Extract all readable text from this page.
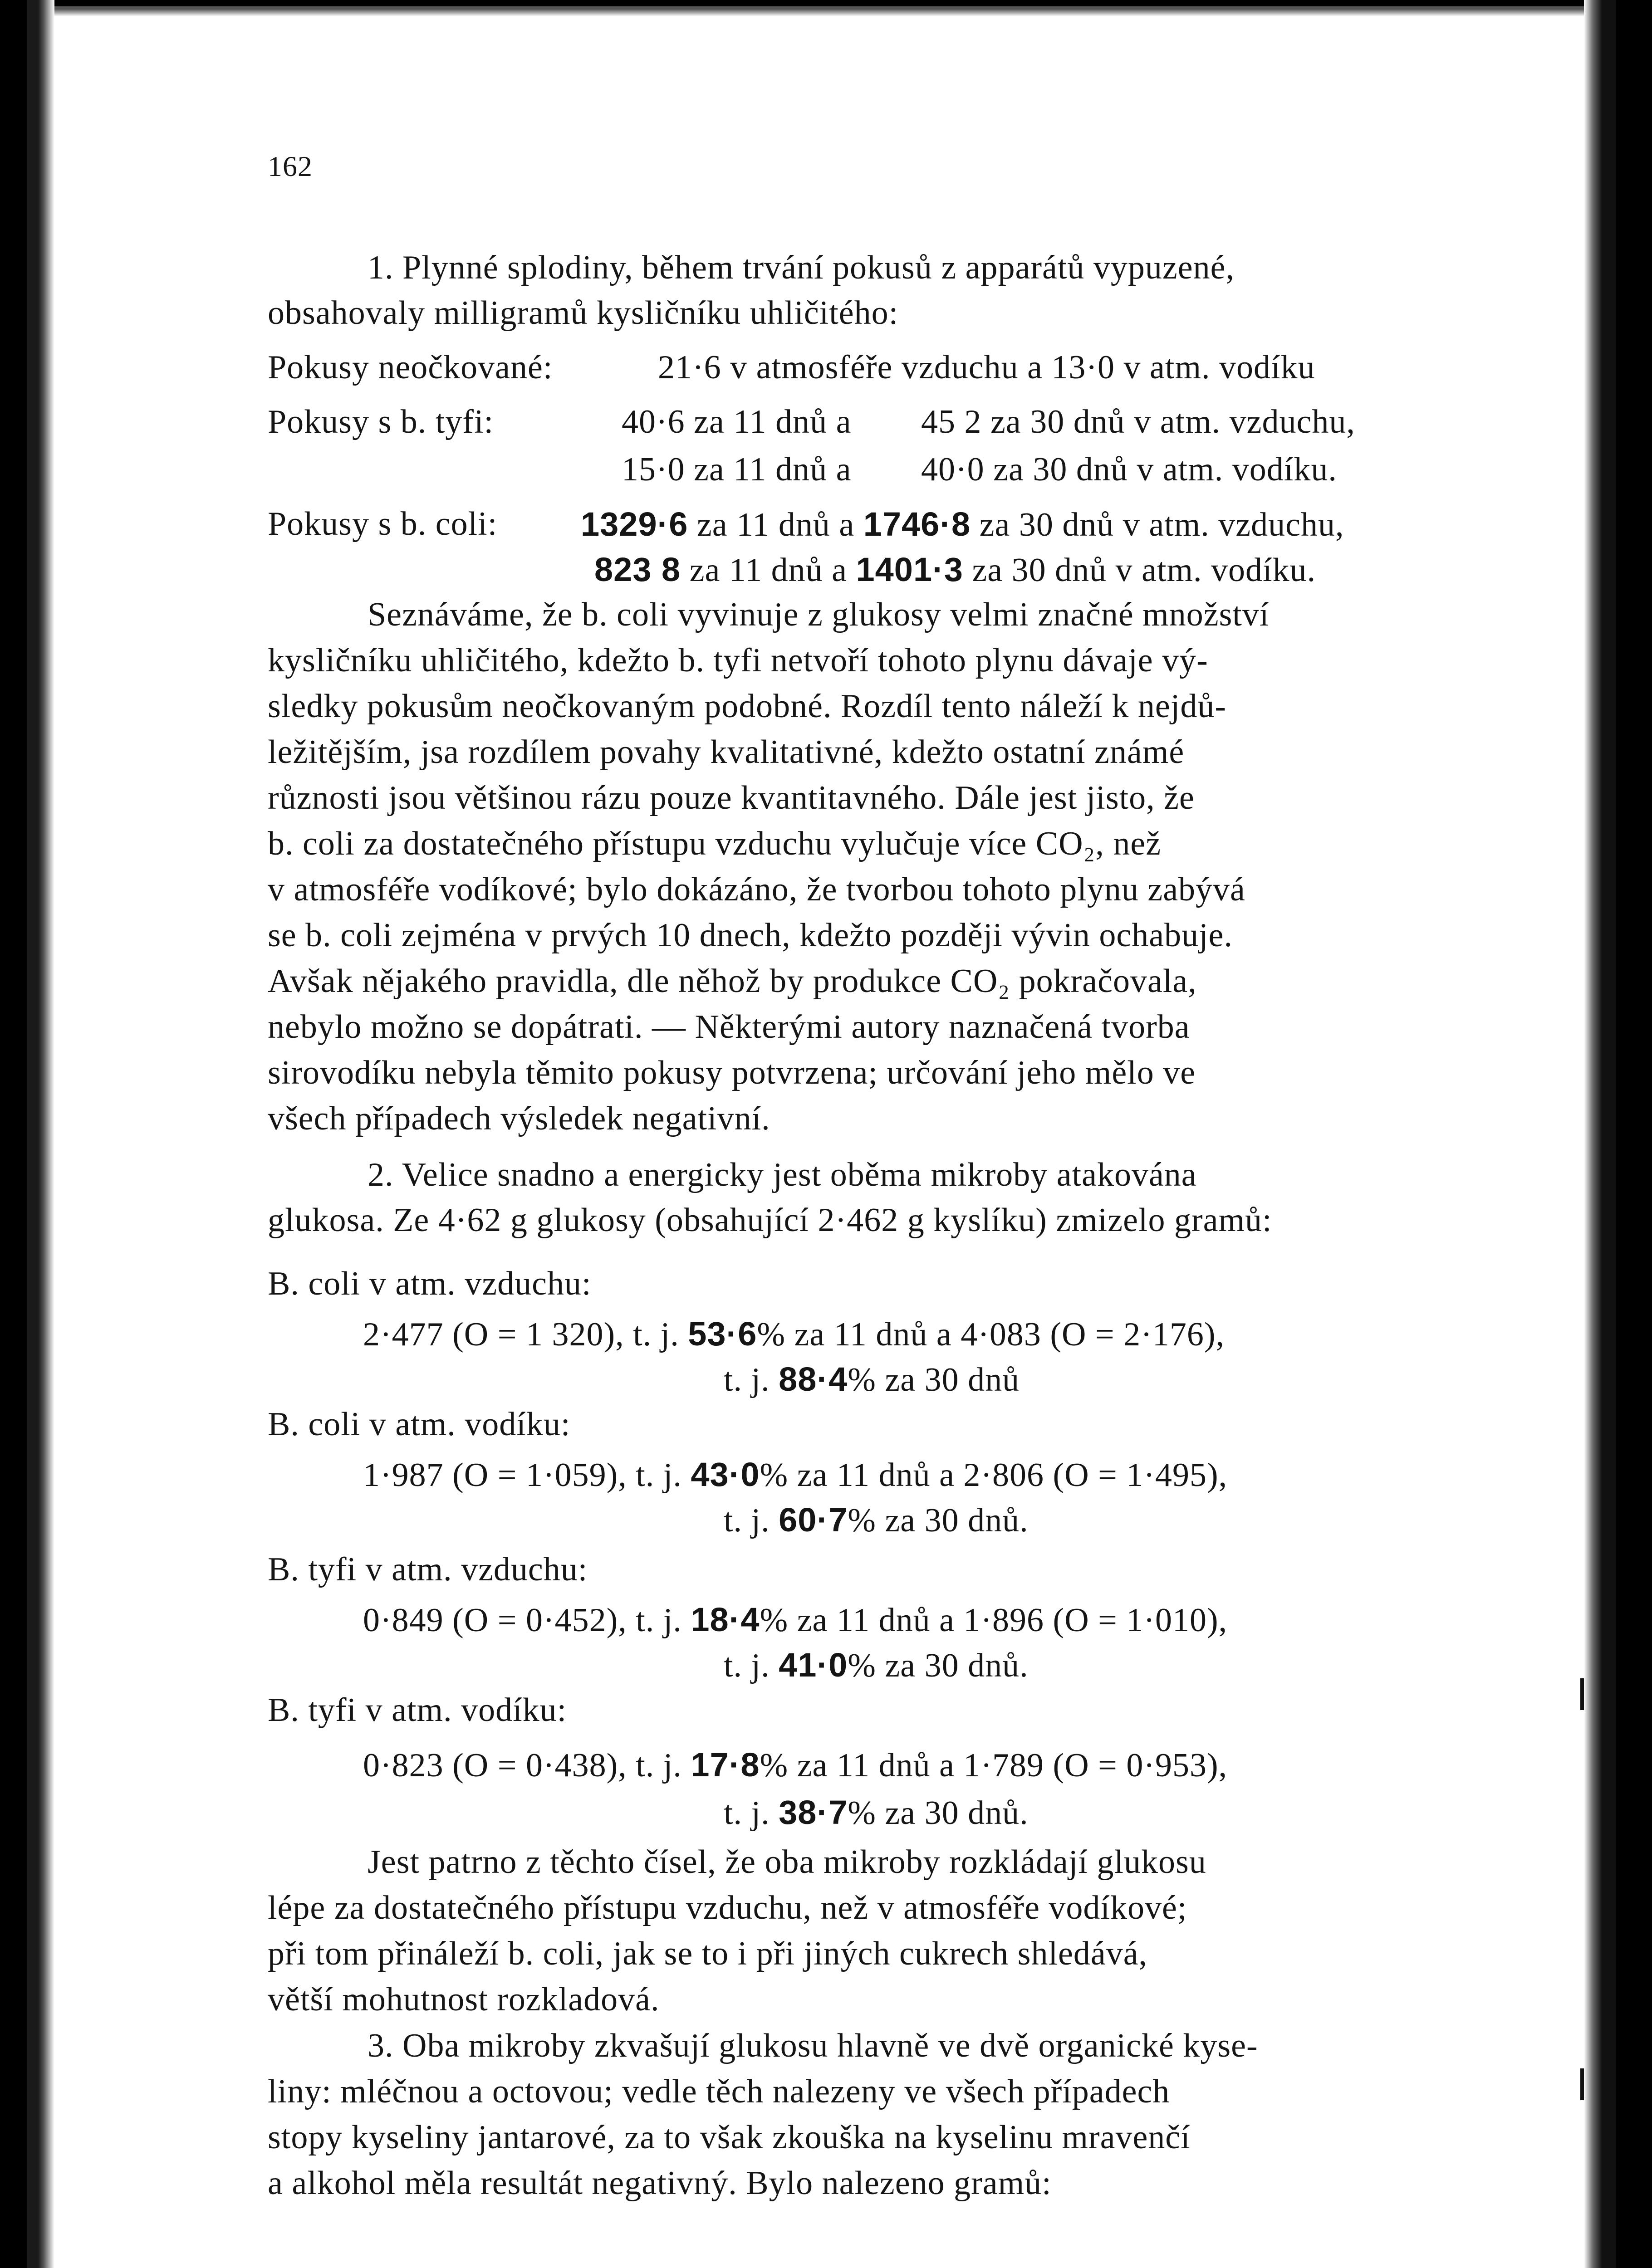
162
1. Plynné splodiny, během trvání pokusů z apparátů vypuzené,
obsahovaly milligramů kysličníku uhličitého:
Pokusy neočkované:	21·6 v atmosféře vzduchu a 13·0 v atm. vodíku
Pokusy s b. tyfi:	40·6 za 11 dnů a 45 2 za 30 dnů v atm. vzduchu,
15·0 za 11 dnů a 40·0 za 30 dnů v atm. vodíku.
Pokusy s b. coli: 1329·6 za 11 dnů a 1746·8 za 30 dnů v atm. vzduchu,
823 8 za 11 dnů a 1401·3 za 30 dnů v atm. vodíku.
Seznáváme, že b. coli vyvinuje z glukosy velmi značné množství
kysličníku uhličitého, kdežto b. tyfi netvoří tohoto plynu dávaje vý-
sledky pokusům neočkovaným podobné. Rozdíl tento náleží k nejdů-
ležitějším, jsa rozdílem povahy kvalitativné, kdežto ostatní známé
různosti jsou většinou rázu pouze kvantitavného. Dále jest jisto, že
b. coli za dostatečného přístupu vzduchu vylučuje více CO₂, než
v atmosféře vodíkové; bylo dokázáno, že tvorbou tohoto plynu zabývá
se b. coli zejména v prvých 10 dnech, kdežto později vývin ochabuje.
Avšak nějakého pravidla, dle něhož by produkce CO₂ pokračovala,
nebylo možno se dopátrati. — Některými autory naznačená tvorba
sirovodíku nebyla těmito pokusy potvrzena; určování jeho mělo ve
všech případech výsledek negativní.
2. Velice snadno a energicky jest oběma mikroby atakována
glukosa. Ze 4·62 g glukosy (obsahující 2·462 g kyslíku) zmizelo gramů:
B. coli v atm. vzduchu:
2·477 (O = 1 320), t. j. 53·6% za 11 dnů a 4·083 (O = 2·176),
t. j. 88·4% za 30 dnů
B. coli v atm. vodíku:
1·987 (O = 1·059), t. j. 43·0% za 11 dnů a 2·806 (O = 1·495),
t. j. 60·7% za 30 dnů.
B. tyfi v atm. vzduchu:
0·849 (O = 0·452), t. j. 18·4% za 11 dnů a 1·896 (O = 1·010),
t. j. 41·0% za 30 dnů.
B. tyfi v atm. vodíku:
0·823 (O = 0·438), t. j. 17·8% za 11 dnů a 1·789 (O = 0·953),
t. j. 38·7% za 30 dnů.
Jest patrno z těchto čísel, že oba mikroby rozkládají glukosu
lépe za dostatečného přístupu vzduchu, než v atmosféře vodíkové;
při tom přináleží b. coli, jak se to i při jiných cukrech shledává,
větší mohutnost rozkladová.
3. Oba mikroby zkvašují glukosu hlavně ve dvě organické kyse-
liny: mléčnou a octovou; vedle těch nalezeny ve všech případech
stopy kyseliny jantarové, za to však zkouška na kyselinu mravenčí
a alkohol měla resultát negativný. Bylo nalezeno gramů:
